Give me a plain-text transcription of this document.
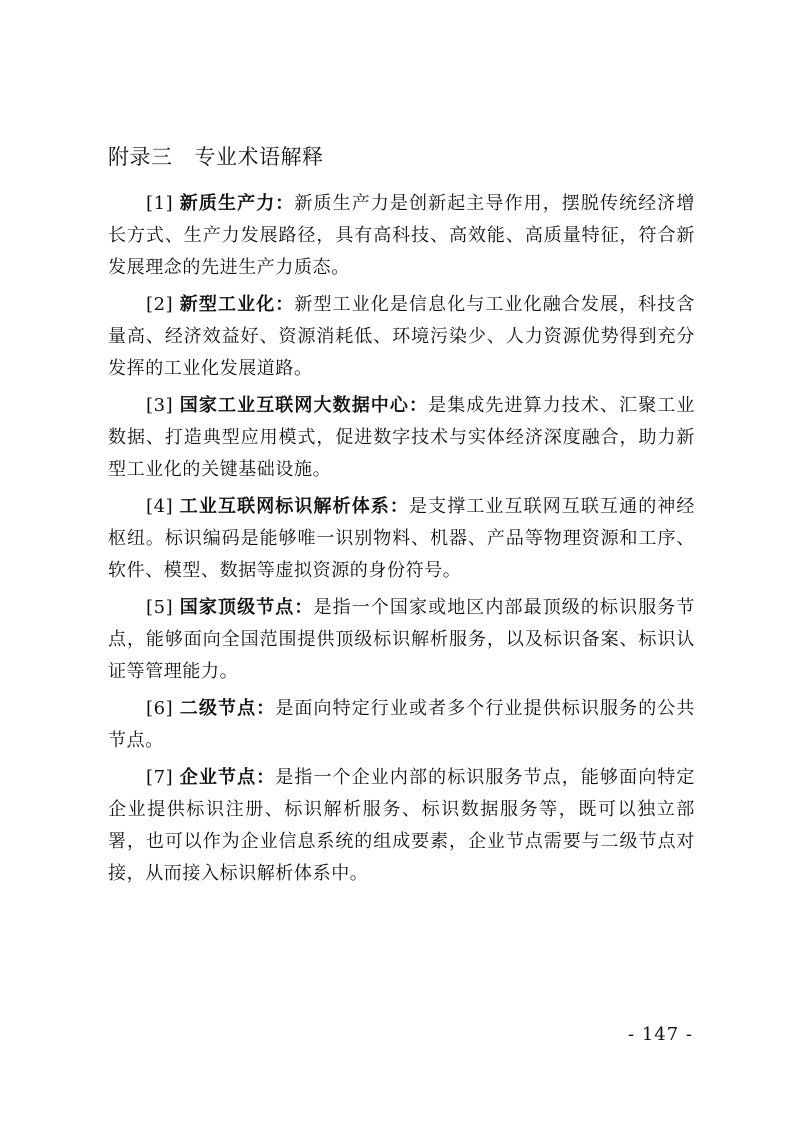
附录三 专业术语解释

[1] 新质生产力：新质生产力是创新起主导作用，摆脱传统经济增长方式、生产力发展路径，具有高科技、高效能、高质量特征，符合新发展理念的先进生产力质态。

[2] 新型工业化：新型工业化是信息化与工业化融合发展，科技含量高、经济效益好、资源消耗低、环境污染少、人力资源优势得到充分发挥的工业化发展道路。

[3] 国家工业互联网大数据中心：是集成先进算力技术、汇聚工业数据、打造典型应用模式，促进数字技术与实体经济深度融合，助力新型工业化的关键基础设施。

[4] 工业互联网标识解析体系：是支撑工业互联网互联互通的神经枢纽。标识编码是能够唯一识别物料、机器、产品等物理资源和工序、软件、模型、数据等虚拟资源的身份符号。

[5] 国家顶级节点：是指一个国家或地区内部最顶级的标识服务节点，能够面向全国范围提供顶级标识解析服务，以及标识备案、标识认证等管理能力。

[6] 二级节点：是面向特定行业或者多个行业提供标识服务的公共节点。

[7] 企业节点：是指一个企业内部的标识服务节点，能够面向特定企业提供标识注册、标识解析服务、标识数据服务等，既可以独立部署，也可以作为企业信息系统的组成要素，企业节点需要与二级节点对接，从而接入标识解析体系中。

- 147 -
